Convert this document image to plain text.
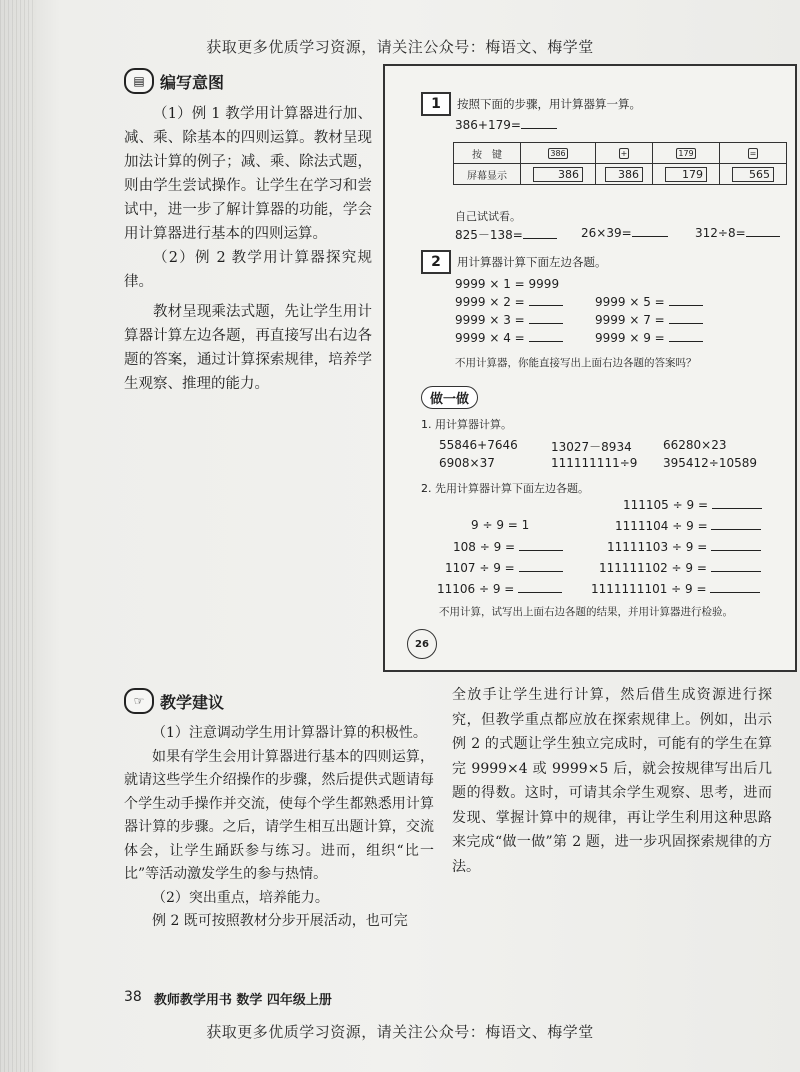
获取更多优质学习资源，请关注公众号：梅语文、梅学堂
▤ 编写意图

（1）例 1 教学用计算器进行加、减、乘、除基本的四则运算。教材呈现加法计算的例子；减、乘、除法式题，则由学生尝试操作。让学生在学习和尝试中，进一步了解计算器的功能，学会用计算器进行基本的四则运算。

（2）例 2 教学用计算器探究规律。

教材呈现乘法式题，先让学生用计算器计算左边各题，再直接写出右边各题的答案，通过计算探索规律，培养学生观察、推理的能力。

1	按照下面的步骤，用计算器算一算。
386+179=
按　键	386	+	179	=
屏幕显示	386	386	179	565
自己试试看。
825－138=	26×39=	312÷8=
2	用计算器计算下面左边各题。
9999 × 1 = 9999
9999 × 2 =
9999 × 3 =
9999 × 4 =
9999 × 5 =
9999 × 7 =
9999 × 9 =
不用计算器，你能直接写出上面右边各题的答案吗？
做一做
1. 用计算器计算。
55846+7646	13027－8934	66280×23
6908×37	111111111÷9 395412÷10589
2. 先用计算器计算下面左边各题。
9 ÷ 9 = 1
108 ÷ 9 =
1107 ÷ 9 =
11106 ÷ 9 =
111105 ÷ 9 =
1111104 ÷ 9 =
11111103 ÷ 9 =
111111102 ÷ 9 =
1111111101 ÷ 9 =
不用计算，试写出上面右边各题的结果，并用计算器进行检验。
26
☞ 教学建议

（1）注意调动学生用计算器计算的积极性。

如果有学生会用计算器进行基本的四则运算，就请这些学生介绍操作的步骤，然后提供式题请每个学生动手操作并交流，使每个学生都熟悉用计算器计算的步骤。之后，请学生相互出题计算，交流体会，让学生踊跃参与练习。进而，组织“比一比”等活动激发学生的参与热情。

（2）突出重点，培养能力。

例 2 既可按照教材分步开展活动，也可完

全放手让学生进行计算，然后借生成资源进行探究，但教学重点都应放在探索规律上。例如，出示例 2 的式题让学生独立完成时，可能有的学生在算完 9999×4 或 9999×5 后，就会按规律写出后几题的得数。这时，可请其余学生观察、思考，进而发现、掌握计算中的规律，再让学生利用这种思路来完成“做一做”第 2 题，进一步巩固探索规律的方法。

38 教师教学用书 数学 四年级上册
获取更多优质学习资源，请关注公众号：梅语文、梅学堂
